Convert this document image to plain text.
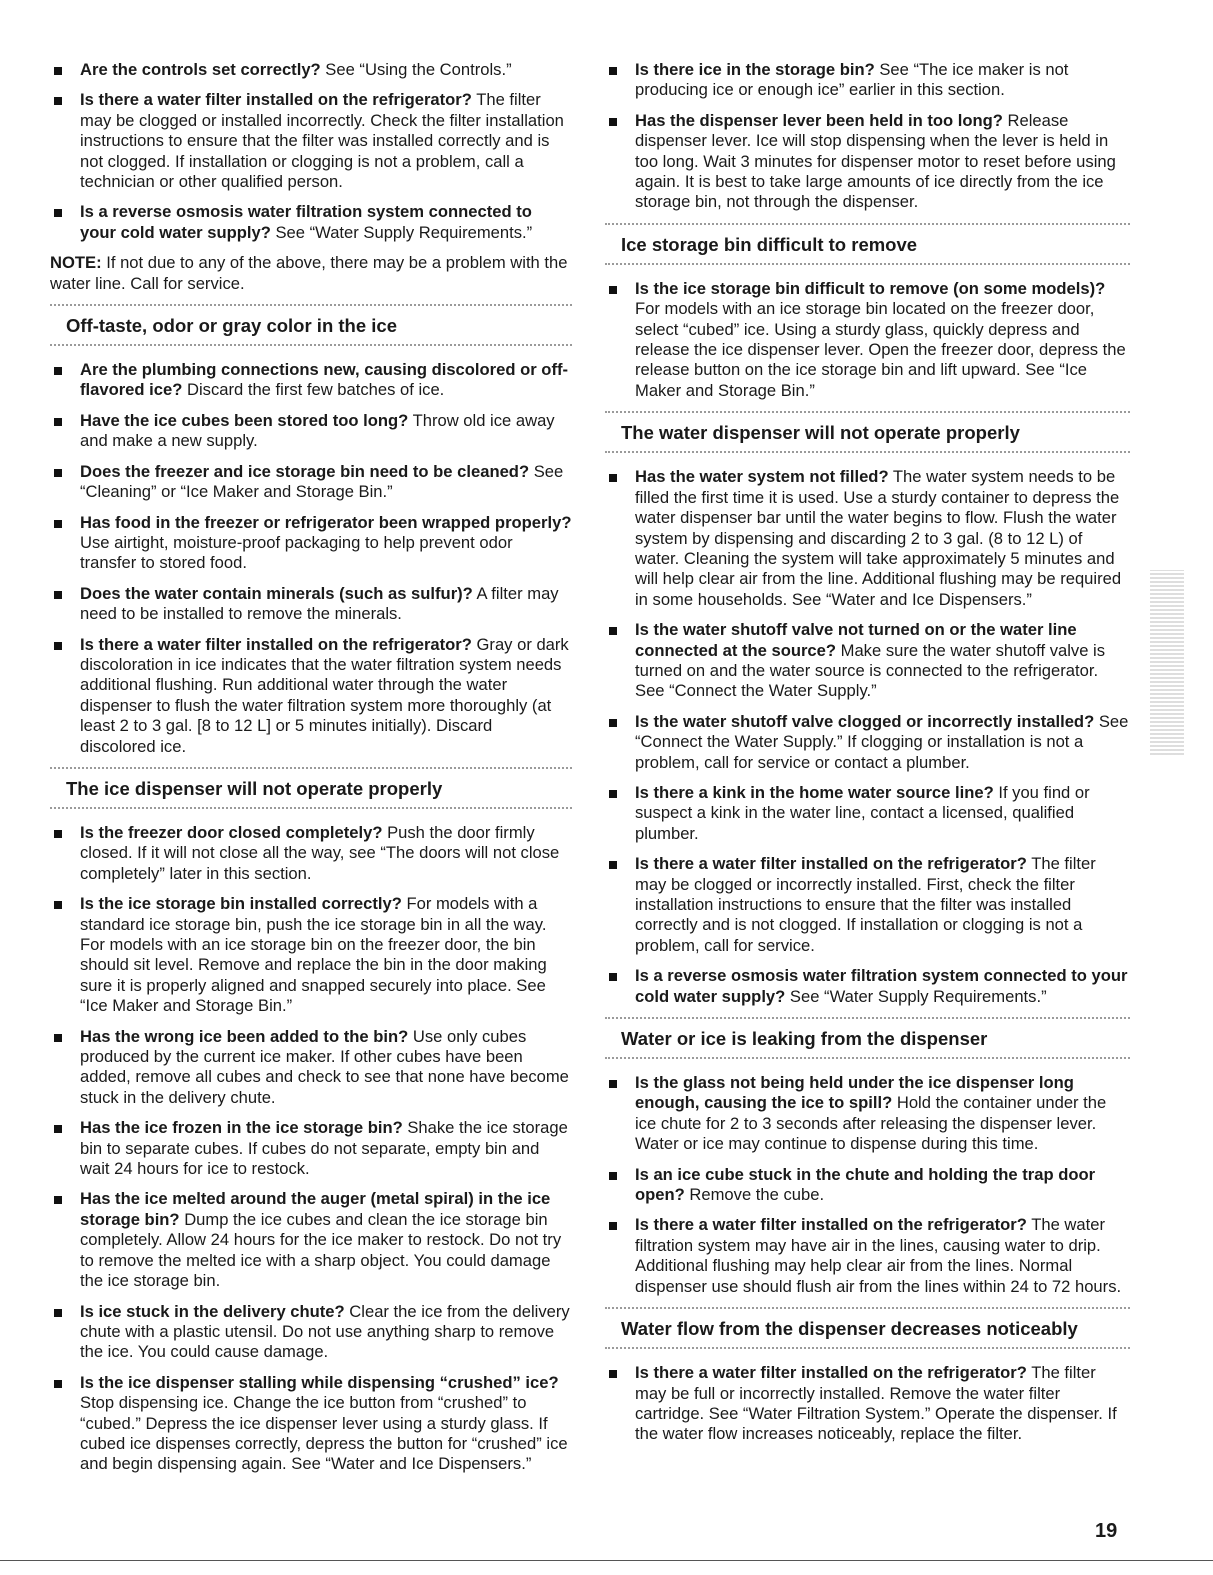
Are the controls set correctly? See “Using the Controls.”
Is there a water filter installed on the refrigerator? The filter may be clogged or installed incorrectly. Check the filter installation instructions to ensure that the filter was installed correctly and is not clogged. If installation or clogging is not a problem, call a technician or other qualified person.
Is a reverse osmosis water filtration system connected to your cold water supply? See “Water Supply Requirements.”
NOTE: If not due to any of the above, there may be a problem with the water line. Call for service.
Off-taste, odor or gray color in the ice
Are the plumbing connections new, causing discolored or off-flavored ice? Discard the first few batches of ice.
Have the ice cubes been stored too long? Throw old ice away and make a new supply.
Does the freezer and ice storage bin need to be cleaned? See “Cleaning” or “Ice Maker and Storage Bin.”
Has food in the freezer or refrigerator been wrapped properly? Use airtight, moisture-proof packaging to help prevent odor transfer to stored food.
Does the water contain minerals (such as sulfur)? A filter may need to be installed to remove the minerals.
Is there a water filter installed on the refrigerator? Gray or dark discoloration in ice indicates that the water filtration system needs additional flushing. Run additional water through the water dispenser to flush the water filtration system more thoroughly (at least 2 to 3 gal. [8 to 12 L] or 5 minutes initially). Discard discolored ice.
The ice dispenser will not operate properly
Is the freezer door closed completely? Push the door firmly closed. If it will not close all the way, see “The doors will not close completely” later in this section.
Is the ice storage bin installed correctly? For models with a standard ice storage bin, push the ice storage bin in all the way. For models with an ice storage bin on the freezer door, the bin should sit level. Remove and replace the bin in the door making sure it is properly aligned and snapped securely into place. See “Ice Maker and Storage Bin.”
Has the wrong ice been added to the bin? Use only cubes produced by the current ice maker. If other cubes have been added, remove all cubes and check to see that none have become stuck in the delivery chute.
Has the ice frozen in the ice storage bin? Shake the ice storage bin to separate cubes. If cubes do not separate, empty bin and wait 24 hours for ice to restock.
Has the ice melted around the auger (metal spiral) in the ice storage bin? Dump the ice cubes and clean the ice storage bin completely. Allow 24 hours for the ice maker to restock. Do not try to remove the melted ice with a sharp object. You could damage the ice storage bin.
Is ice stuck in the delivery chute? Clear the ice from the delivery chute with a plastic utensil. Do not use anything sharp to remove the ice. You could cause damage.
Is the ice dispenser stalling while dispensing “crushed” ice? Stop dispensing ice. Change the ice button from “crushed” to “cubed.” Depress the ice dispenser lever using a sturdy glass. If cubed ice dispenses correctly, depress the button for “crushed” ice and begin dispensing again. See “Water and Ice Dispensers.”
Is there ice in the storage bin? See “The ice maker is not producing ice or enough ice” earlier in this section.
Has the dispenser lever been held in too long? Release dispenser lever. Ice will stop dispensing when the lever is held in too long. Wait 3 minutes for dispenser motor to reset before using again. It is best to take large amounts of ice directly from the ice storage bin, not through the dispenser.
Ice storage bin difficult to remove
Is the ice storage bin difficult to remove (on some models)? For models with an ice storage bin located on the freezer door, select “cubed” ice. Using a sturdy glass, quickly depress and release the ice dispenser lever. Open the freezer door, depress the release button on the ice storage bin and lift upward. See “Ice Maker and Storage Bin.”
The water dispenser will not operate properly
Has the water system not filled? The water system needs to be filled the first time it is used. Use a sturdy container to depress the water dispenser bar until the water begins to flow. Flush the water system by dispensing and discarding 2 to 3 gal. (8 to 12 L) of water. Cleaning the system will take approximately 5 minutes and will help clear air from the line. Additional flushing may be required in some households. See “Water and Ice Dispensers.”
Is the water shutoff valve not turned on or the water line connected at the source? Make sure the water shutoff valve is turned on and the water source is connected to the refrigerator. See “Connect the Water Supply.”
Is the water shutoff valve clogged or incorrectly installed? See “Connect the Water Supply.” If clogging or installation is not a problem, call for service or contact a plumber.
Is there a kink in the home water source line? If you find or suspect a kink in the water line, contact a licensed, qualified plumber.
Is there a water filter installed on the refrigerator? The filter may be clogged or incorrectly installed. First, check the filter installation instructions to ensure that the filter was installed correctly and is not clogged. If installation or clogging is not a problem, call for service.
Is a reverse osmosis water filtration system connected to your cold water supply? See “Water Supply Requirements.”
Water or ice is leaking from the dispenser
Is the glass not being held under the ice dispenser long enough, causing the ice to spill? Hold the container under the ice chute for 2 to 3 seconds after releasing the dispenser lever. Water or ice may continue to dispense during this time.
Is an ice cube stuck in the chute and holding the trap door open? Remove the cube.
Is there a water filter installed on the refrigerator? The water filtration system may have air in the lines, causing water to drip. Additional flushing may help clear air from the lines. Normal dispenser use should flush air from the lines within 24 to 72 hours.
Water flow from the dispenser decreases noticeably
Is there a water filter installed on the refrigerator? The filter may be full or incorrectly installed. Remove the water filter cartridge. See “Water Filtration System.” Operate the dispenser. If the water flow increases noticeably, replace the filter.
19
